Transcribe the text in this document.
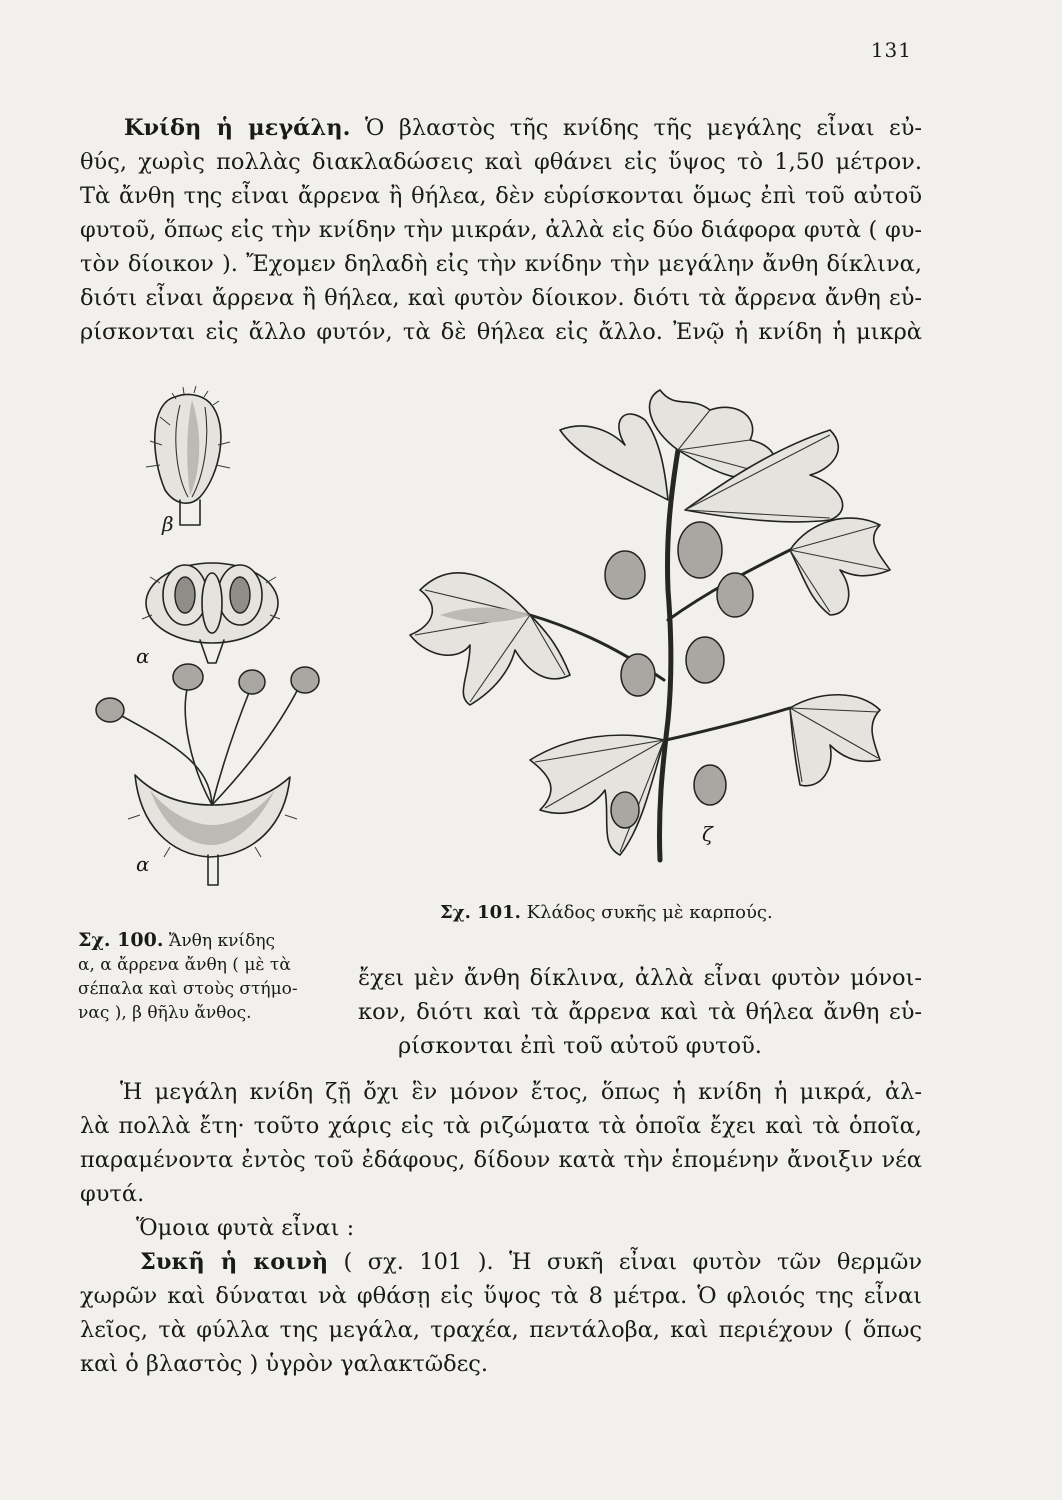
131
Κνίδη ἡ μεγάλη. Ὁ βλαστὸς τῆς κνίδης τῆς μεγάλης εἶναι εὐ-
θύς, χωρὶς πολλὰς διακλαδώσεις καὶ φθάνει εἰς ὕψος τὸ 1,50 μέτρον.
Τὰ ἄνθη της εἶναι ἄρρενα ἢ θήλεα, δὲν εὑρίσκονται ὅμως ἐπὶ τοῦ αὐτοῦ
φυτοῦ, ὅπως εἰς τὴν κνίδην τὴν μικράν, ἀλλὰ εἰς δύο διάφορα φυτὰ ( φυ-
τὸν δίοικον ). Ἔχομεν δηλαδὴ εἰς τὴν κνίδην τὴν μεγάλην ἄνθη δίκλινα,
διότι εἶναι ἄρρενα ἢ θήλεα, καὶ φυτὸν δίοικον. διότι τὰ ἄρρενα ἄνθη εὑ-
ρίσκονται εἰς ἄλλο φυτόν, τὰ δὲ θήλεα εἰς ἄλλο. Ἐνῷ ἡ κνίδη ἡ μικρὰ
β
α
α
ζ
Σχ. 101. Κλάδος συκῆς μὲ καρπούς.
Σχ. 100. Ἄνθη κνίδης
α, α ἄρρενα ἄνθη ( μὲ τὰ
σέπαλα καὶ στοὺς στήμο-
νας ), β θῆλυ ἄνθος.
ἔχει μὲν ἄνθη δίκλινα, ἀλλὰ εἶναι φυτὸν μόνοι-
κον, διότι καὶ τὰ ἄρρενα καὶ τὰ θήλεα ἄνθη εὑ-
ρίσκονται ἐπὶ τοῦ αὐτοῦ φυτοῦ.
Ἡ μεγάλη κνίδη ζῇ ὄχι ἓν μόνον ἔτος, ὅπως ἡ κνίδη ἡ μικρά, ἀλ-
λὰ πολλὰ ἔτη· τοῦτο χάρις εἰς τὰ ριζώματα τὰ ὁποῖα ἔχει καὶ τὰ ὁποῖα,
παραμένοντα ἐντὸς τοῦ ἐδάφους, δίδουν κατὰ τὴν ἑπομένην ἄνοιξιν νέα
φυτά.
Ὅμοια φυτὰ εἶναι :
Συκῆ ἡ κοινὴ ( σχ. 101 ). Ἡ συκῆ εἶναι φυτὸν τῶν θερμῶν
χωρῶν καὶ δύναται νὰ φθάσῃ εἰς ὕψος τὰ 8 μέτρα. Ὁ φλοιός της εἶναι
λεῖος, τὰ φύλλα της μεγάλα, τραχέα, πεντάλοβα, καὶ περιέχουν ( ὅπως
καὶ ὁ βλαστὸς ) ὑγρὸν γαλακτῶδες.
